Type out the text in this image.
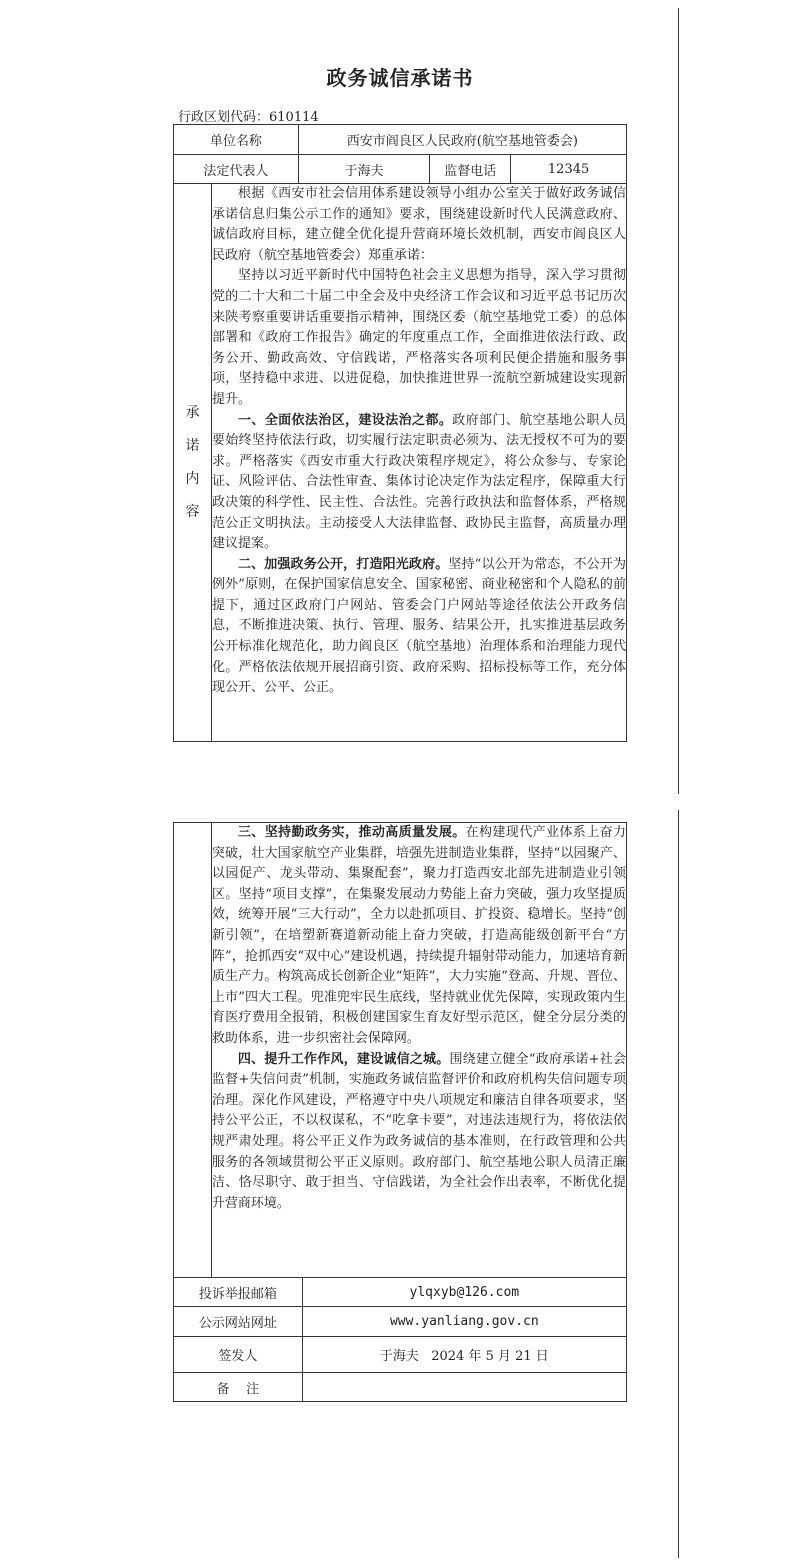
政务诚信承诺书
行政区划代码：610114
单位名称	西安市阎良区人民政府(航空基地管委会)		
法定代表人	于海夫	监督电话	12345
承
诺
内
容

根据《西安市社会信用体系建设领导小组办公室关于做好政务诚信承诺信息归集公示工作的通知》要求，围绕建设新时代人民满意政府、诚信政府目标，建立健全优化提升营商环境长效机制，西安市阎良区人民政府（航空基地管委会）郑重承诺：

坚持以习近平新时代中国特色社会主义思想为指导，深入学习贯彻党的二十大和二十届二中全会及中央经济工作会议和习近平总书记历次来陕考察重要讲话重要指示精神，围绕区委（航空基地党工委）的总体部署和《政府工作报告》确定的年度重点工作，全面推进依法行政、政务公开、勤政高效、守信践诺，严格落实各项利民便企措施和服务事项，坚持稳中求进、以进促稳，加快推进世界一流航空新城建设实现新提升。

一、全面依法治区，建设法治之都。政府部门、航空基地公职人员要始终坚持依法行政，切实履行法定职责必须为、法无授权不可为的要求。严格落实《西安市重大行政决策程序规定》，将公众参与、专家论证、风险评估、合法性审查、集体讨论决定作为法定程序，保障重大行政决策的科学性、民主性、合法性。完善行政执法和监督体系，严格规范公正文明执法。主动接受人大法律监督、政协民主监督，高质量办理建议提案。

二、加强政务公开，打造阳光政府。坚持“以公开为常态，不公开为例外”原则，在保护国家信息安全、国家秘密、商业秘密和个人隐私的前提下，通过区政府门户网站、管委会门户网站等途径依法公开政务信息，不断推进决策、执行、管理、服务、结果公开，扎实推进基层政务公开标准化规范化，助力阎良区（航空基地）治理体系和治理能力现代化。严格依法依规开展招商引资、政府采购、招标投标等工作，充分体现公开、公平、公正。

三、坚持勤政务实，推动高质量发展。在构建现代产业体系上奋力突破，壮大国家航空产业集群，培强先进制造业集群，坚持“以园聚产、以园促产、龙头带动、集聚配套”，聚力打造西安北部先进制造业引领区。坚持“项目支撑”，在集聚发展动力势能上奋力突破，强力攻坚提质效，统筹开展“三大行动”，全力以赴抓项目、扩投资、稳增长。坚持“创新引领”，在培塑新赛道新动能上奋力突破，打造高能级创新平台“方阵”，抢抓西安“双中心”建设机遇，持续提升辐射带动能力，加速培育新质生产力。构筑高成长创新企业“矩阵”，大力实施“登高、升规、晋位、上市”四大工程。兜准兜牢民生底线，坚持就业优先保障，实现政策内生育医疗费用全报销，积极创建国家生育友好型示范区，健全分层分类的救助体系，进一步织密社会保障网。

四、提升工作作风，建设诚信之城。围绕建立健全“政府承诺+社会监督+失信问责”机制，实施政务诚信监督评价和政府机构失信问题专项治理。深化作风建设，严格遵守中央八项规定和廉洁自律各项要求，坚持公平公正，不以权谋私，不“吃拿卡要”，对违法违规行为，将依法依规严肃处理。将公平正义作为政务诚信的基本准则，在行政管理和公共服务的各领域贯彻公平正义原则。政府部门、航空基地公职人员清正廉洁、恪尽职守、敢于担当、守信践诺，为全社会作出表率，不断优化提升营商环境。

投诉举报邮箱	ylqxyb@126.com
公示网站网址	www.yanliang.gov.cn
签发人	于海夫   2024 年 5 月 21 日
备    注	
